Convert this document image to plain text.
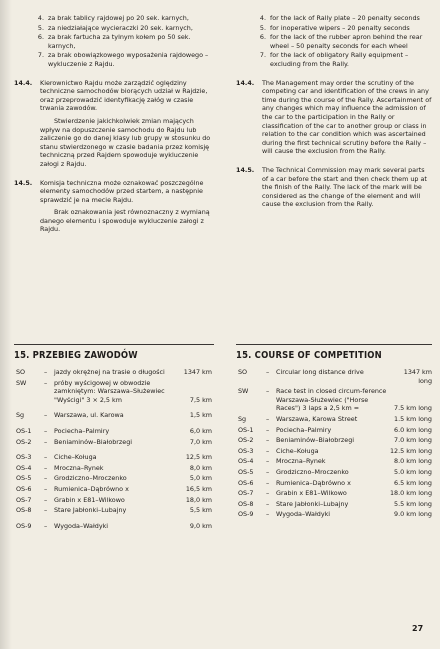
4. za brak tablicy rajdowej po 20 sek. karnych,
5. za niedziałające wycieraczki 20 sek. karnych,
6. za brak fartucha za tylnym kołem po 50 sek. karnych,
7. za brak obowiązkowego wyposażenia rajdowego – wykluczenie z Rajdu.
14.4.	Kierownictwo Rajdu może zarządzić oględziny techniczne samochodów biorących udział w Rajdzie, oraz przeprowadzić identyfikację załóg w czasie trwania zawodów.

Stwierdzenie jakichkolwiek zmian mających wpływ na dopuszczenie samochodu do Rajdu lub zaliczenie go do danej klasy lub grupy w stosunku do stanu stwierdzonego w czasie badania przez komisję techniczną przed Rajdem spowoduje wykluczenie załogi z Rajdu.

14.5.	Komisja techniczna może oznakować poszczególne elementy samochodów przed startem, a następnie sprawdzić je na mecie Rajdu.

Brak oznakowania jest równoznaczny z wymianą danego elementu i spowoduje wykluczenie załogi z Rajdu.

4. for the lack of Rally plate – 20 penalty seconds
5. for inoperative wipers – 20 penalty seconds
6. for the lack of the rubber apron behind the rear wheel – 50 penalty seconds for each wheel
7. for the lack of obligatory Rally equipment – excluding from the Rally.
14.4.	The Management may order the scrutiny of the competing car and identification of the crews in any time during the course of the Rally. Ascertainment of any changes which may influence the admission of the car to the participation in the Rally or classification of the car to another group or class in relation to the car condition which was ascertained during the first technical scrutiny before the Rally – will cause the exclusion from the Rally.

14.5.	The Technical Commission may mark several parts of a car before the start and then check them up at the finish of the Rally. The lack of the mark will be considered as the change of the element and will cause the exclusion from the Rally.

15. PRZEBIEG ZAWODÓW	15. COURSE OF COMPETITION
SO	–	jazdy okrężnej na trasie o długości	1347 km
SW	–	próby wyścigowej w obwodzie zamkniętym: Warszawa–Służewiec "Wyścigi" 3 × 2,5 km	7,5 km
Sg	–	Warszawa, ul. Karowa	1,5 km
OS-1	–	Pociecha–Palmiry	6,0 km
OS-2	–	Beniaminów–Białobrzegi	7,0 km
OS-3	–	Ciche–Koługa	12,5 km
OS-4	–	Mroczna–Rynek	8,0 km
OS-5	–	Grodziczno–Mroczenko	5,0 km
OS-6	–	Rumienica–Dąbrówno x	16,5 km
OS-7	–	Grabin x E81–Wilkowo	18,0 km
OS-8	–	Stare Jabłonki–Lubajny	5,5 km
OS-9	–	Wygoda–Wałdyki	9,0 km
SO	–	Circular long distance drive	1347 km long
SW	–	Race test in closed circum-ference Warszawa-Służewiec ("Horse Races") 3 laps a 2,5 km =	7.5 km long
Sg	–	Warszawa, Karowa Street	1.5 km long
OS-1	–	Pociecha–Palmiry	6.0 km long
OS-2	–	Beniaminów–Białobrzegi	7.0 km long
OS-3	–	Ciche–Koługa	12.5 km long
OS-4	–	Mroczna–Rynek	8.0 km long
OS-5	–	Grodziczno–Mroczenko	5.0 km long
OS-6	–	Rumienica–Dąbrówno x	6.5 km long
OS-7	–	Grabin x E81–Wilkowo	18.0 km long
OS-8	–	Stare Jabłonki–Lubajny	5.5 km long
OS-9	–	Wygoda–Wałdyki	9.0 km long
27
